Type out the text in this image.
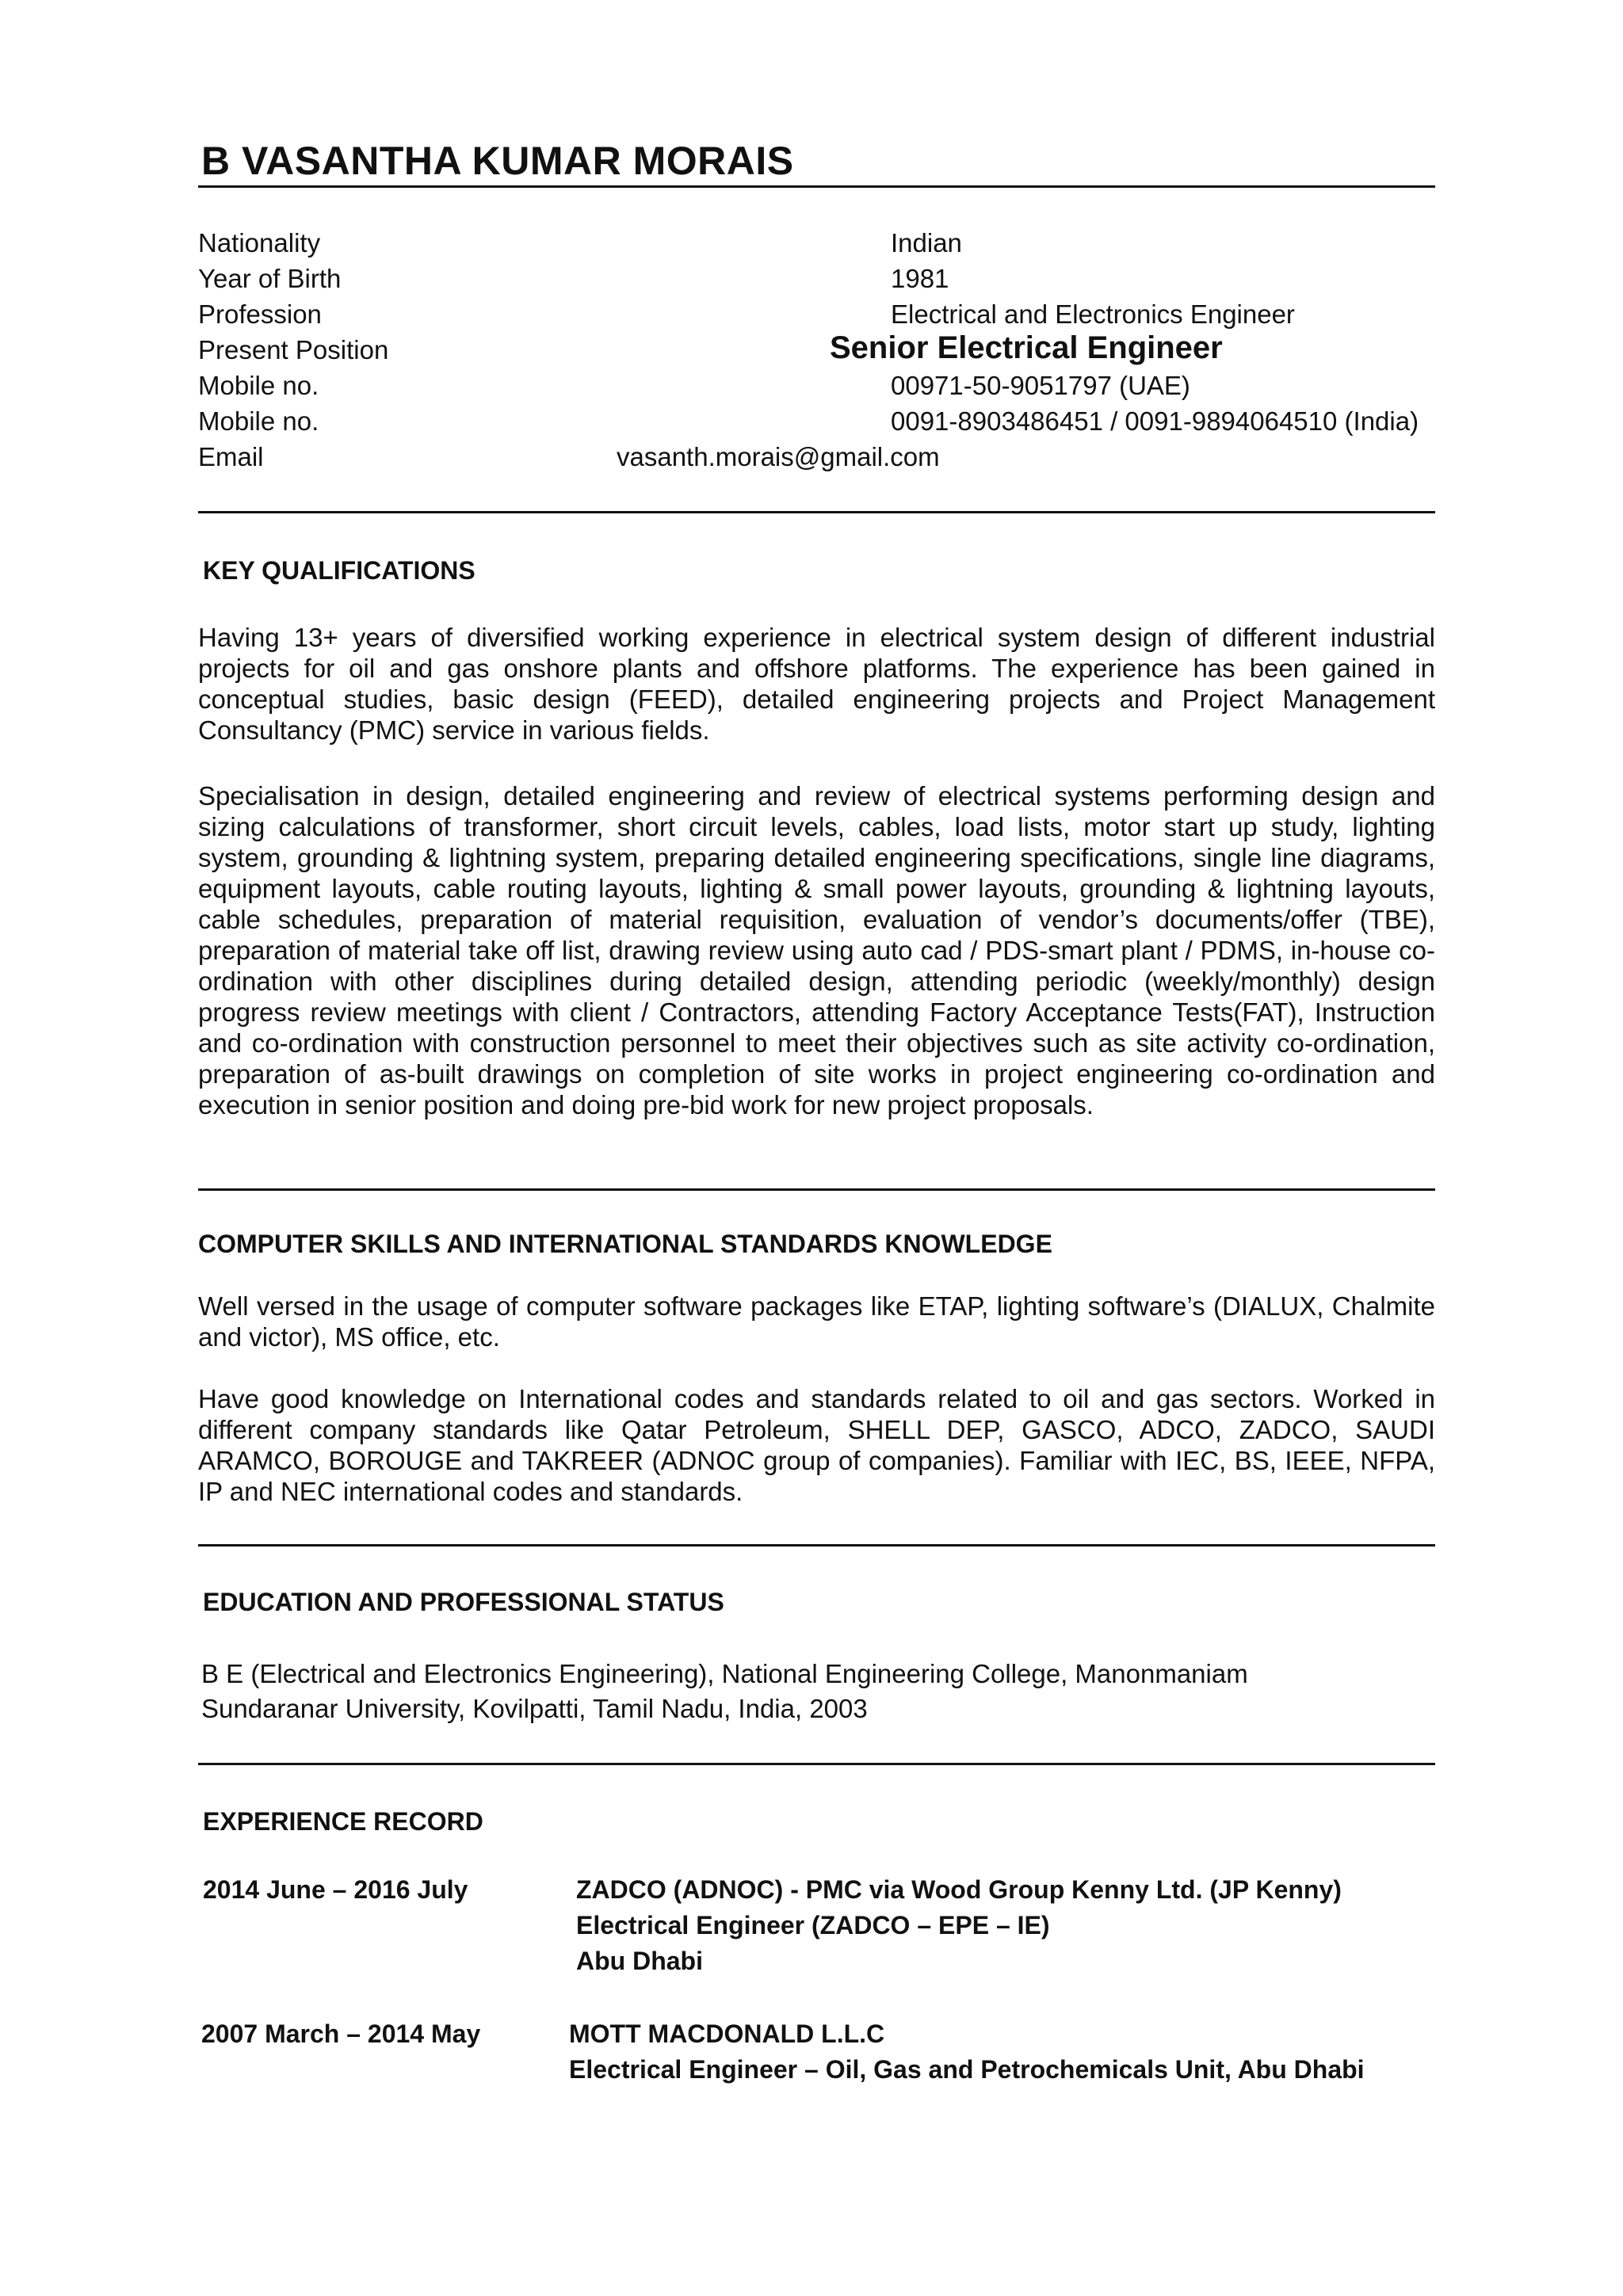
B VASANTHA KUMAR MORAIS
Nationality	Indian
Year of Birth	1981
Profession	Electrical and Electronics Engineer
Present Position	Senior Electrical Engineer
Mobile no.	00971-50-9051797 (UAE)
Mobile no.	0091-8903486451 / 0091-9894064510 (India)
Email	vasanth.morais@gmail.com
KEY QUALIFICATIONS
Having 13+ years of diversified working experience in electrical system design of different industrial projects for oil and gas onshore plants and offshore platforms. The experience has been gained in conceptual studies, basic design (FEED), detailed engineering projects and Project Management Consultancy (PMC) service in various fields.
Specialisation in design, detailed engineering and review of electrical systems performing design and sizing calculations of transformer, short circuit levels, cables, load lists, motor start up study, lighting system, grounding & lightning system, preparing detailed engineering specifications, single line diagrams, equipment layouts, cable routing layouts, lighting & small power layouts, grounding & lightning layouts, cable schedules, preparation of material requisition, evaluation of vendor’s documents/offer (TBE), preparation of material take off list, drawing review using auto cad / PDS-smart plant / PDMS, in-house co-ordination with other disciplines during detailed design, attending periodic (weekly/monthly) design progress review meetings with client / Contractors, attending Factory Acceptance Tests(FAT), Instruction and co-ordination with construction personnel to meet their objectives such as site activity co-ordination, preparation of as-built drawings on completion of site works in project engineering co-ordination and execution in senior position and doing pre-bid work for new project proposals.
COMPUTER SKILLS AND INTERNATIONAL STANDARDS KNOWLEDGE
Well versed in the usage of computer software packages like ETAP, lighting software’s (DIALUX, Chalmite and victor), MS office, etc.
Have good knowledge on International codes and standards related to oil and gas sectors. Worked in different company standards like Qatar Petroleum, SHELL DEP, GASCO, ADCO, ZADCO, SAUDI ARAMCO, BOROUGE and TAKREER (ADNOC group of companies). Familiar with IEC, BS, IEEE, NFPA, IP and NEC international codes and standards.
EDUCATION AND PROFESSIONAL STATUS
B E (Electrical and Electronics Engineering), National Engineering College, Manonmaniam
Sundaranar University, Kovilpatti, Tamil Nadu, India, 2003
EXPERIENCE RECORD
2014 June – 2016 July	ZADCO (ADNOC) - PMC via Wood Group Kenny Ltd. (JP Kenny)
Electrical Engineer (ZADCO – EPE – IE)
Abu Dhabi
2007 March – 2014 May	MOTT MACDONALD L.L.C
Electrical Engineer – Oil, Gas and Petrochemicals Unit, Abu Dhabi
